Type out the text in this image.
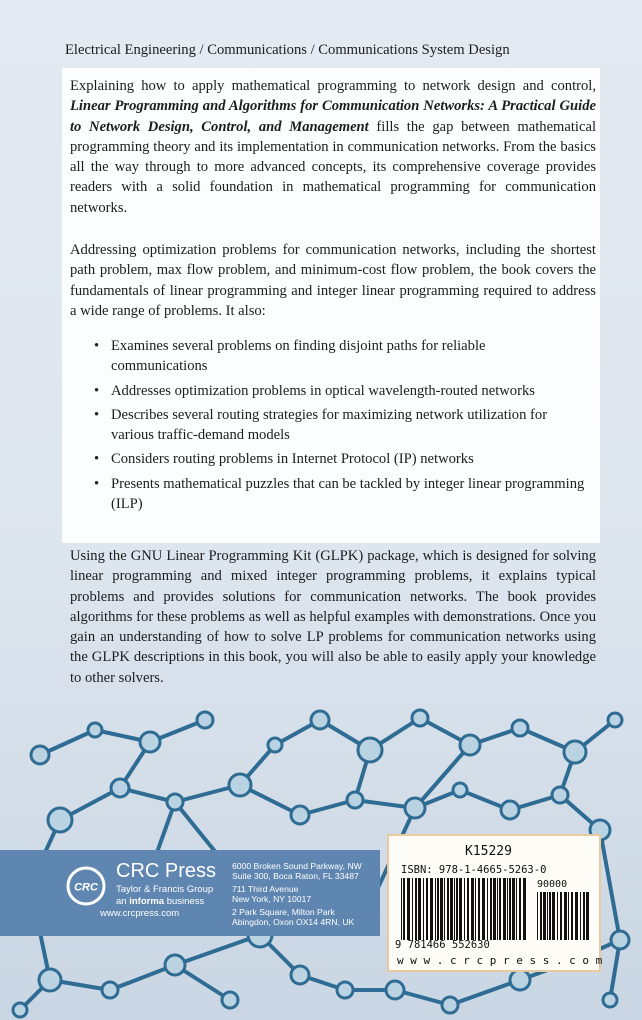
Electrical Engineering / Communications / Communications System Design

Explaining how to apply mathematical programming to network design and control, Linear Programming and Algorithms for Communication Networks: A Practical Guide to Network Design, Control, and Management fills the gap between mathematical programming theory and its implementation in communication networks. From the basics all the way through to more advanced concepts, its comprehensive coverage provides readers with a solid foundation in mathematical programming for communication networks.

Addressing optimization problems for communication networks, including the shortest path problem, max flow problem, and minimum-cost flow problem, the book covers the fundamentals of linear programming and integer linear programming required to address a wide range of problems. It also:

• Examines several problems on finding disjoint paths for reliable communications
• Addresses optimization problems in optical wavelength-routed networks
• Describes several routing strategies for maximizing network utilization for various traffic-demand models
• Considers routing problems in Internet Protocol (IP) networks
• Presents mathematical puzzles that can be tackled by integer linear programming (ILP)

Using the GNU Linear Programming Kit (GLPK) package, which is designed for solving linear programming and mixed integer programming problems, it explains typical problems and provides solutions for communication networks. The book provides algorithms for these problems as well as helpful examples with demonstrations. Once you gain an understanding of how to solve LP problems for communication networks using the GLPK descriptions in this book, you will also be able to easily apply your knowledge to other solvers.

CRC
CRC Press
Taylor & Francis Group
an informa business
www.crcpress.com
6000 Broken Sound Parkway, NW
Suite 300, Boca Raton, FL 33487
711 Third Avenue
New York, NY 10017
2 Park Square, Milton Park
Abingdon, Oxon OX14 4RN, UK
K15229
ISBN: 978-1-4665-5263-0
90000
9 781466 552630
w w w . c r c p r e s s . c o m
